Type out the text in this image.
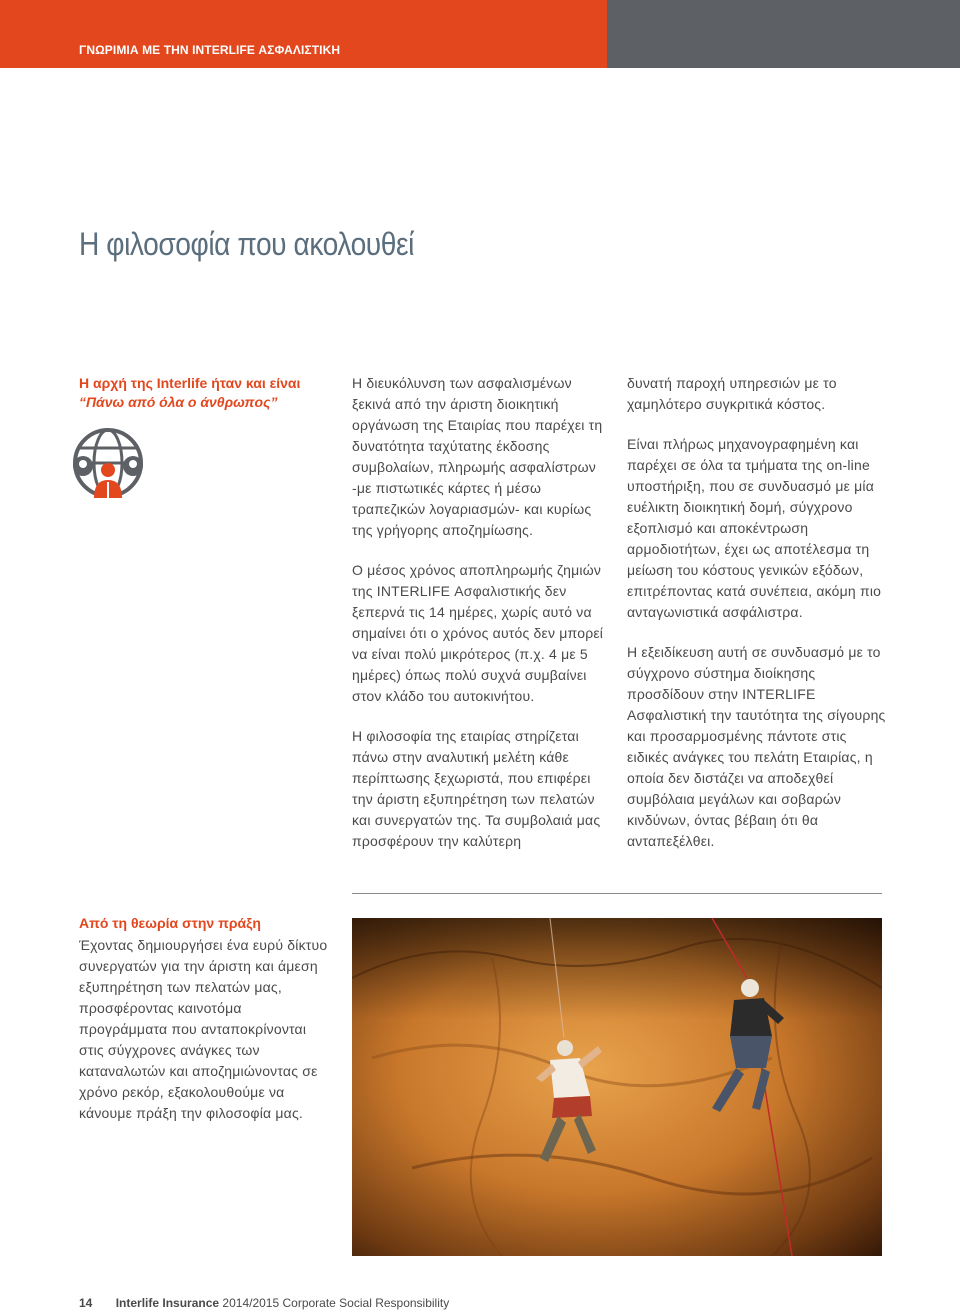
ΓΝΩΡΙΜΙΑ ΜΕ ΤΗΝ INTERLIFE ΑΣΦΑΛΙΣΤΙΚΗ
Η φιλοσοφία που ακολουθεί
Η αρχή της Interlife ήταν και είναι
“Πάνω από όλα ο άνθρωπος”

Η διευκόλυνση των ασφαλισμένων ξεκινά από την άριστη διοικητική οργάνωση της Εταιρίας που παρέχει τη δυνατότητα ταχύτατης έκδοσης συμβολαίων, πληρωμής ασφαλίστρων -με πιστωτικές κάρτες ή μέσω τραπεζικών λογαριασμών- και κυρίως της γρήγορης αποζημίωσης.

Ο μέσος χρόνος αποπληρωμής ζημιών της INTERLIFE Ασφαλιστικής δεν ξεπερνά τις 14 ημέρες, χωρίς αυτό να σημαίνει ότι ο χρόνος αυτός δεν μπορεί να είναι πολύ μικρότερος (π.χ. 4 με 5 ημέρες) όπως πολύ συχνά συμβαίνει στον κλάδο του αυτοκινήτου.

Η φιλοσοφία της εταιρίας στηρίζεται πάνω στην αναλυτική μελέτη κάθε περίπτωσης ξεχωριστά, που επιφέρει την άριστη εξυπηρέτηση των πελατών και συνεργατών της. Τα συμβολαιά μας προσφέρουν την καλύτερη

δυνατή παροχή υπηρεσιών με το χαμηλότερο συγκριτικά κόστος.

Είναι πλήρως μηχανογραφημένη και παρέχει σε όλα τα τμήματα της on-line υποστήριξη, που σε συνδυασμό με μία ευέλικτη διοικητική δομή, σύγχρονο εξοπλισμό και αποκέντρωση αρμοδιοτήτων, έχει ως αποτέλεσμα τη μείωση του κόστους γενικών εξόδων, επιτρέποντας κατά συνέπεια, ακόμη πιο ανταγωνιστικά ασφάλιστρα.

Η εξειδίκευση αυτή σε συνδυασμό με το σύγχρονο σύστημα διοίκησης προσδίδουν στην INTERLIFE Ασφαλιστική την ταυτότητα της σίγουρης και προσαρμοσμένης πάντοτε στις ειδικές ανάγκες του πελάτη Εταιρίας, η οποία δεν διστάζει να αποδεχθεί συμβόλαια μεγάλων και σοβαρών κινδύνων, όντας βέβαιη ότι θα ανταπεξέλθει.

Από τη θεωρία στην πράξη
Έχοντας δημιουργήσει ένα ευρύ δίκτυο συνεργατών για την άριστη και άμεση εξυπηρέτηση των πελατών μας, προσφέροντας καινοτόμα προγράμματα που ανταποκρίνονται στις σύγχρονες ανάγκες των καταναλωτών και αποζημιώνοντας σε χρόνο ρεκόρ, εξακολουθούμε να κάνουμε πράξη την φιλοσοφία μας.
14 Interlife Insurance 2014/2015 Corporate Social Responsibility
